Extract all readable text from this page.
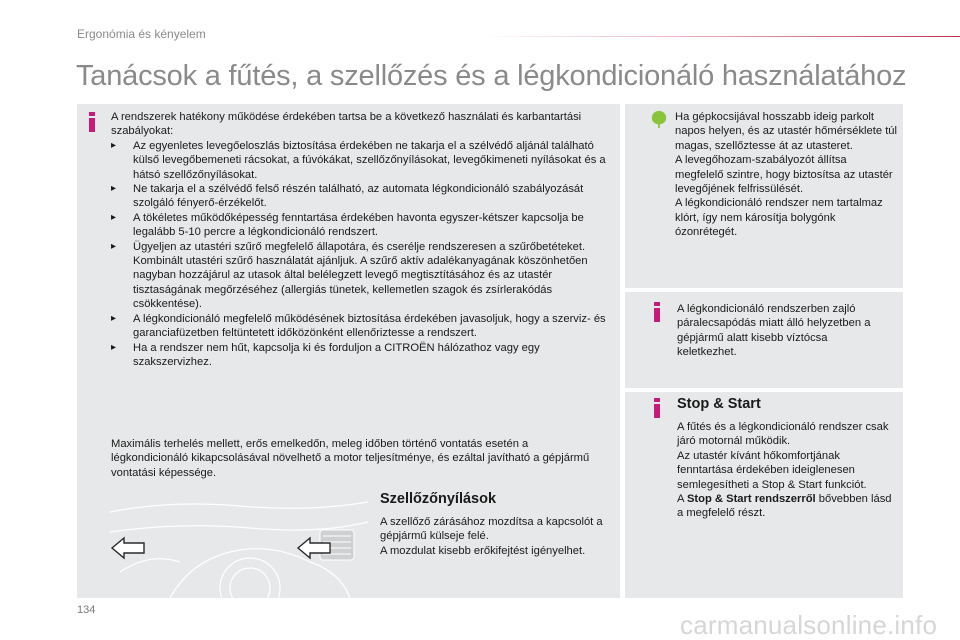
Ergonómia és kényelem
Tanácsok a fűtés, a szellőzés és a légkondicionáló használatához

A rendszerek hatékony működése érdekében tartsa be a következő használati és karbantartási szabályokat:

▸ Az egyenletes levegőeloszlás biztosítása érdekében ne takarja el a szélvédő aljánál található külső levegőbemeneti rácsokat, a fúvókákat, szellőzőnyílásokat, levegőkimeneti nyílásokat és a hátsó szellőzőnyílásokat.
▸ Ne takarja el a szélvédő felső részén található, az automata légkondicionáló szabályozását szolgáló fényerő-érzékelőt.
▸ A tökéletes működőképesség fenntartása érdekében havonta egyszer-kétszer kapcsolja be legalább 5-10 percre a légkondicionáló rendszert.
▸ Ügyeljen az utastéri szűrő megfelelő állapotára, és cserélje rendszeresen a szűrőbetéteket.
Kombinált utastéri szűrő használatát ajánljuk. A szűrő aktív adalékanyagának köszönhetően nagyban hozzájárul az utasok által belélegzett levegő megtisztításához és az utastér tisztaságának megőrzéséhez (allergiás tünetek, kellemetlen szagok és zsírlerakódás csökkentése).
▸ A légkondicionáló megfelelő működésének biztosítása érdekében javasoljuk, hogy a szerviz- és garanciafüzetben feltüntetett időközönként ellenőriztesse a rendszert.
▸ Ha a rendszer nem hűt, kapcsolja ki és forduljon a CITROËN hálózathoz vagy egy szakszervizhez.
Maximális terhelés mellett, erős emelkedőn, meleg időben történő vontatás esetén a légkondicionáló kikapcsolásával növelhető a motor teljesítménye, és ezáltal javítható a gépjármű vontatási képessége.
Szellőzőnyílások

A szellőző zárásához mozdítsa a kapcsolót a gépjármű külseje felé.

A mozdulat kisebb erőkifejtést igényelhet.

Ha gépkocsijával hosszabb ideig parkolt napos helyen, és az utastér hőmérséklete túl magas, szellőztesse át az utasteret.

A levegőhozam-szabályozót állítsa megfelelő szintre, hogy biztosítsa az utastér levegőjének felfrissülését.

A légkondicionáló rendszer nem tartalmaz klórt, így nem károsítja bolygónk ózonrétegét.

A légkondicionáló rendszerben zajló páralecsapódás miatt álló helyzetben a gépjármű alatt kisebb víztócsa keletkezhet.
Stop & Start

A fűtés és a légkondicionáló rendszer csak járó motornál működik.

Az utastér kívánt hőkomfortjának fenntartása érdekében ideiglenesen semlegesítheti a Stop & Start funkciót.

A Stop & Start rendszerről bővebben lásd a megfelelő részt.

134	carmanualsonline.info
